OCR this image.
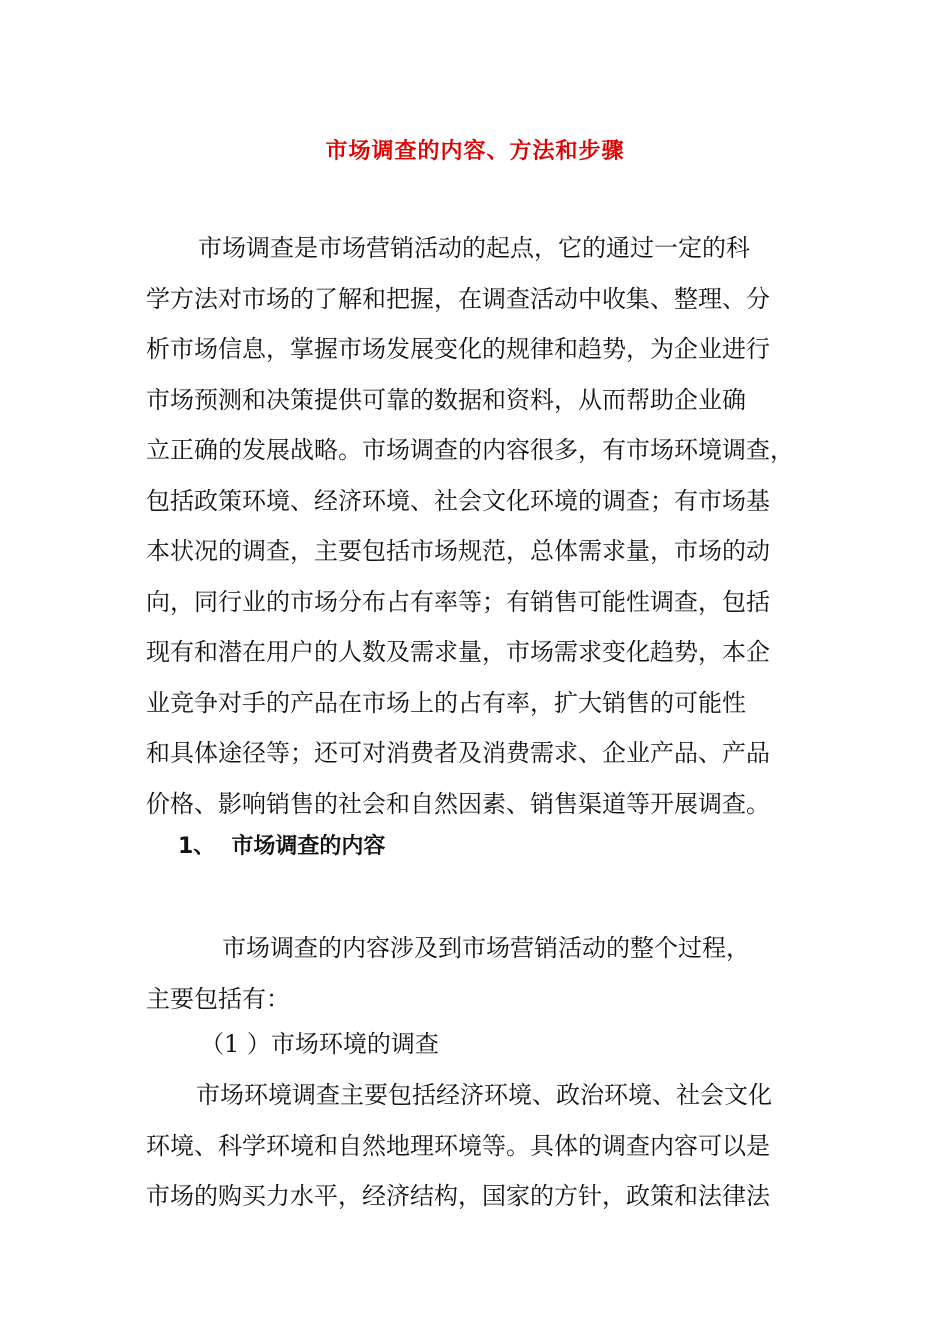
市场调查的内容、方法和步骤
市场调查是市场营销活动的起点，它的通过一定的科
学方法对市场的了解和把握，在调查活动中收集、整理、分
析市场信息，掌握市场发展变化的规律和趋势，为企业进行
市场预测和决策提供可靠的数据和资料，从而帮助企业确
立正确的发展战略。市场调查的内容很多，有市场环境调查，
包括政策环境、经济环境、社会文化环境的调查；有市场基
本状况的调查，主要包括市场规范，总体需求量，市场的动
向，同行业的市场分布占有率等；有销售可能性调查，包括
现有和潜在用户的人数及需求量，市场需求变化趋势，本企
业竞争对手的产品在市场上的占有率，扩大销售的可能性
和具体途径等；还可对消费者及消费需求、企业产品、产品
价格、影响销售的社会和自然因素、销售渠道等开展调查。
1、 市场调查的内容
市场调查的内容涉及到市场营销活动的整个过程，
主要包括有：
（1 ）市场环境的调查
市场环境调查主要包括经济环境、政治环境、社会文化
环境、科学环境和自然地理环境等。具体的调查内容可以是
市场的购买力水平，经济结构，国家的方针，政策和法律法
